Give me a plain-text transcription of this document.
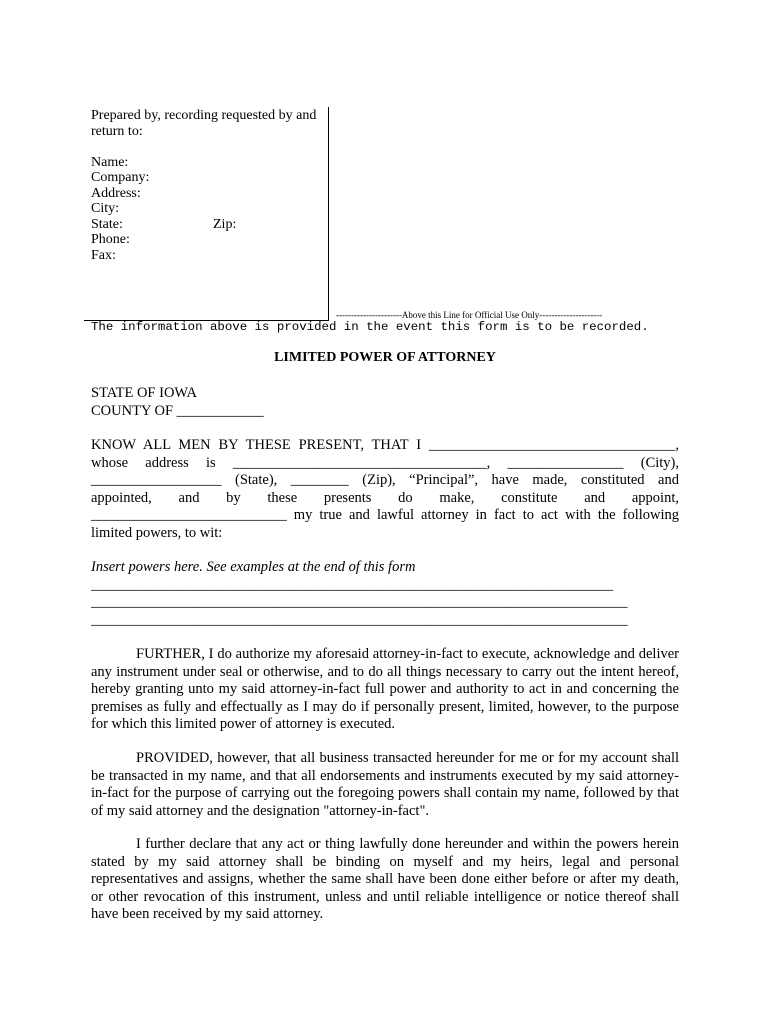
Prepared by, recording requested by and
return to:
Name:
Company:
Address:
City:
State:	Zip:
Phone:
Fax:
----------------------Above this Line for Official Use Only---------------------
The information above is provided in the event this form is to be recorded.
LIMITED POWER OF ATTORNEY
STATE OF IOWA
COUNTY OF ____________
KNOW ALL MEN BY THESE PRESENT, THAT I __________________________________,
whose address is ___________________________________, ________________ (City),
__________________ (State), ________ (Zip), “Principal”, have made, constituted and
appointed, and by these presents do make, constitute and appoint,
___________________________ my true and lawful attorney in fact to act with the following
limited powers, to wit:
Insert powers here. See examples at the end of this form
________________________________________________________________________
__________________________________________________________________________
__________________________________________________________________________

FURTHER, I do authorize my aforesaid attorney-in-fact to execute, acknowledge and deliver any instrument under seal or otherwise, and to do all things necessary to carry out the intent hereof, hereby granting unto my said attorney-in-fact full power and authority to act in and concerning the premises as fully and effectually as I may do if personally present, limited, however, to the purpose for which this limited power of attorney is executed.

PROVIDED, however, that all business transacted hereunder for me or for my account shall be transacted in my name, and that all endorsements and instruments executed by my said attorney-in-fact for the purpose of carrying out the foregoing powers shall contain my name, followed by that of my said attorney and the designation "attorney-in-fact".

I further declare that any act or thing lawfully done hereunder and within the powers herein stated by my said attorney shall be binding on myself and my heirs, legal and personal representatives and assigns, whether the same shall have been done either before or after my death, or other revocation of this instrument, unless and until reliable intelligence or notice thereof shall have been received by my said attorney.
